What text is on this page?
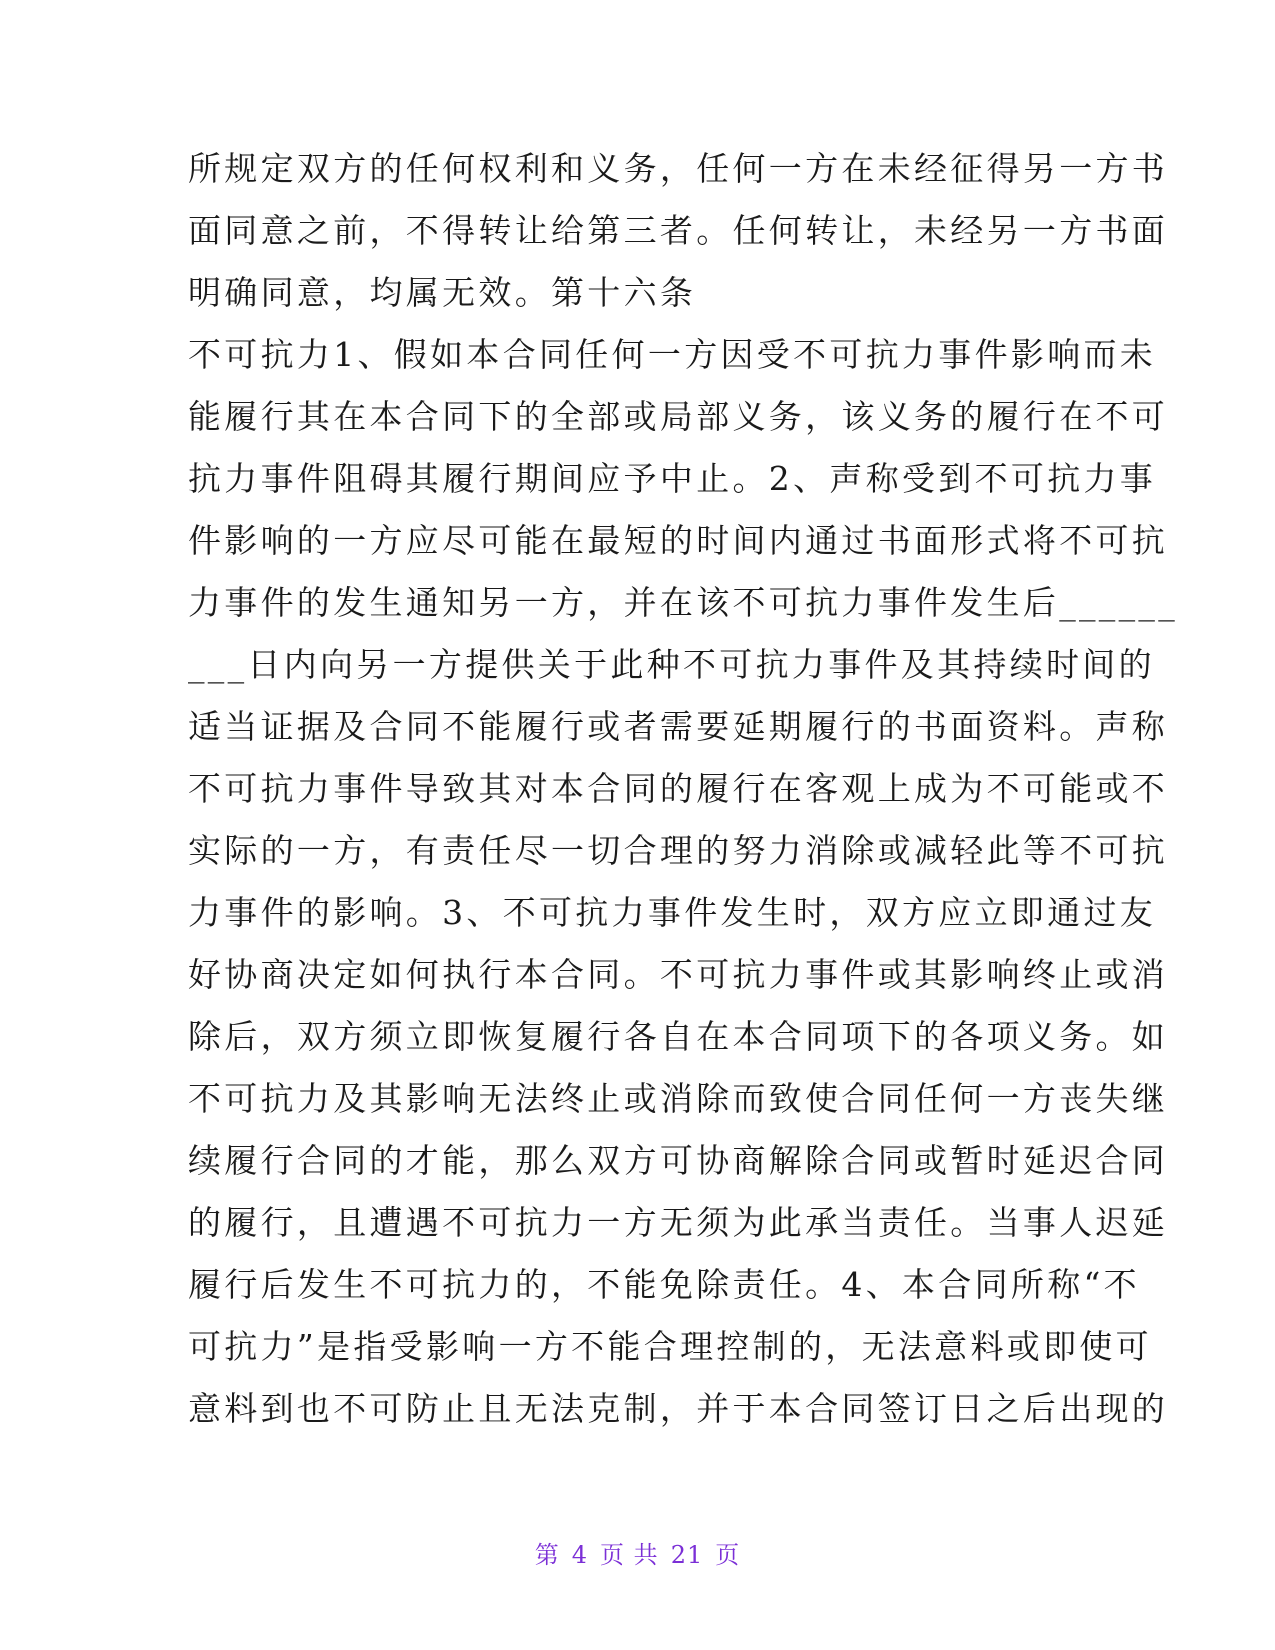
所规定双方的任何权利和义务，任何一方在未经征得另一方书
面同意之前，不得转让给第三者。任何转让，未经另一方书面
明确同意，均属无效。第十六条
不可抗力1、假如本合同任何一方因受不可抗力事件影响而未
能履行其在本合同下的全部或局部义务，该义务的履行在不可
抗力事件阻碍其履行期间应予中止。2、声称受到不可抗力事
件影响的一方应尽可能在最短的时间内通过书面形式将不可抗
力事件的发生通知另一方，并在该不可抗力事件发生后______
___日内向另一方提供关于此种不可抗力事件及其持续时间的
适当证据及合同不能履行或者需要延期履行的书面资料。声称
不可抗力事件导致其对本合同的履行在客观上成为不可能或不
实际的一方，有责任尽一切合理的努力消除或减轻此等不可抗
力事件的影响。3、不可抗力事件发生时，双方应立即通过友
好协商决定如何执行本合同。不可抗力事件或其影响终止或消
除后，双方须立即恢复履行各自在本合同项下的各项义务。如
不可抗力及其影响无法终止或消除而致使合同任何一方丧失继
续履行合同的才能，那么双方可协商解除合同或暂时延迟合同
的履行，且遭遇不可抗力一方无须为此承当责任。当事人迟延
履行后发生不可抗力的，不能免除责任。4、本合同所称“不
可抗力”是指受影响一方不能合理控制的，无法意料或即使可
意料到也不可防止且无法克制，并于本合同签订日之后出现的
第 4 页 共 21 页
